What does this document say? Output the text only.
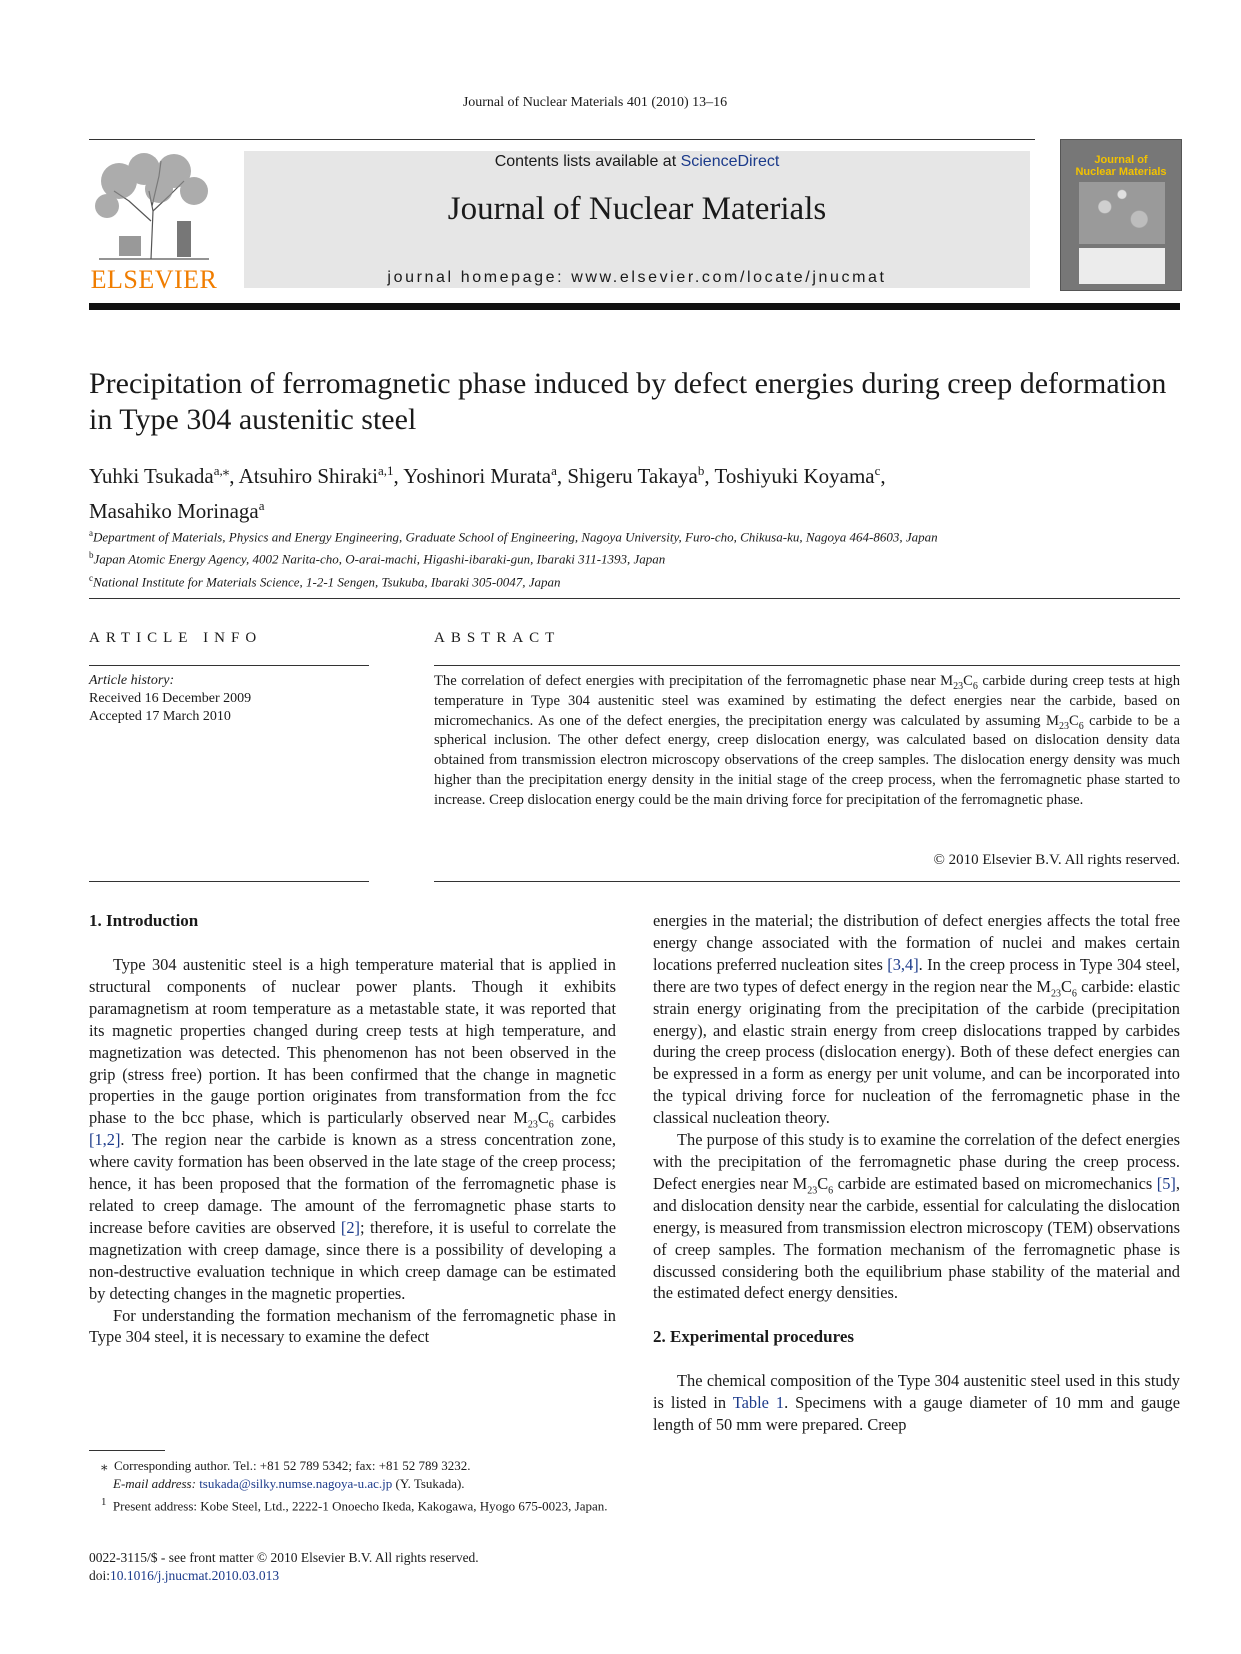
Journal of Nuclear Materials 401 (2010) 13–16
ELSEVIER
Contents lists available at ScienceDirect
Journal of Nuclear Materials
journal homepage: www.elsevier.com/locate/jnucmat
Journal of
Nuclear Materials
Precipitation of ferromagnetic phase induced by defect energies during creep deformation in Type 304 austenitic steel
Yuhki Tsukada$^{a,⁎}$, Atsuhiro Shiraki$^{a,1}$, Yoshinori Murata$^a$, Shigeru Takaya$^b$, Toshiyuki Koyama$^c$,
Masahiko Morinaga$^a$
$^a$Department of Materials, Physics and Energy Engineering, Graduate School of Engineering, Nagoya University, Furo-cho, Chikusa-ku, Nagoya 464-8603, Japan
$^b$Japan Atomic Energy Agency, 4002 Narita-cho, O-arai-machi, Higashi-ibaraki-gun, Ibaraki 311-1393, Japan
$^c$National Institute for Materials Science, 1-2-1 Sengen, Tsukuba, Ibaraki 305-0047, Japan
ARTICLE INFO	ABSTRACT
Article history:
Received 16 December 2009
Accepted 17 March 2010
The correlation of defect energies with precipitation of the ferromagnetic phase near $M_{23}C_6$ carbide during creep tests at high temperature in Type 304 austenitic steel was examined by estimating the defect energies near the carbide, based on micromechanics. As one of the defect energies, the precipitation energy was calculated by assuming $M_{23}C_6$ carbide to be a spherical inclusion. The other defect energy, creep dislocation energy, was calculated based on dislocation density data obtained from transmission electron microscopy observations of the creep samples. The dislocation energy density was much higher than the precipitation energy density in the initial stage of the creep process, when the ferromagnetic phase started to increase. Creep dislocation energy could be the main driving force for precipitation of the ferromagnetic phase.
© 2010 Elsevier B.V. All rights reserved.
1. Introduction

Type 304 austenitic steel is a high temperature material that is applied in structural components of nuclear power plants. Though it exhibits paramagnetism at room temperature as a metastable state, it was reported that its magnetic properties changed during creep tests at high temperature, and magnetization was detected. This phenomenon has not been observed in the grip (stress free) portion. It has been confirmed that the change in magnetic properties in the gauge portion originates from transformation from the fcc phase to the bcc phase, which is particularly observed near $M_{23}C_6$ carbides [1,2]. The region near the carbide is known as a stress concentration zone, where cavity formation has been observed in the late stage of the creep process; hence, it has been proposed that the formation of the ferromagnetic phase is related to creep damage. The amount of the ferromagnetic phase starts to increase before cavities are observed [2]; therefore, it is useful to correlate the magnetization with creep damage, since there is a possibility of developing a non-destructive evaluation technique in which creep damage can be estimated by detecting changes in the magnetic properties.

For understanding the formation mechanism of the ferromagnetic phase in Type 304 steel, it is necessary to examine the defect

energies in the material; the distribution of defect energies affects the total free energy change associated with the formation of nuclei and makes certain locations preferred nucleation sites [3,4]. In the creep process in Type 304 steel, there are two types of defect energy in the region near the $M_{23}C_6$ carbide: elastic strain energy originating from the precipitation of the carbide (precipitation energy), and elastic strain energy from creep dislocations trapped by carbides during the creep process (dislocation energy). Both of these defect energies can be expressed in a form as energy per unit volume, and can be incorporated into the typical driving force for nucleation of the ferromagnetic phase in the classical nucleation theory.

The purpose of this study is to examine the correlation of the defect energies with the precipitation of the ferromagnetic phase during the creep process. Defect energies near $M_{23}C_6$ carbide are estimated based on micromechanics [5], and dislocation density near the carbide, essential for calculating the dislocation energy, is measured from transmission electron microscopy (TEM) observations of creep samples. The formation mechanism of the ferromagnetic phase is discussed considering both the equilibrium phase stability of the material and the estimated defect energy densities.

2. Experimental procedures

The chemical composition of the Type 304 austenitic steel used in this study is listed in Table 1. Specimens with a gauge diameter of 10 mm and gauge length of 50 mm were prepared. Creep

⁎ Corresponding author. Tel.: +81 52 789 5342; fax: +81 52 789 3232.
E-mail address: tsukada@silky.numse.nagoya-u.ac.jp (Y. Tsukada).

$^1$ Present address: Kobe Steel, Ltd., 2222-1 Onoecho Ikeda, Kakogawa, Hyogo 675-0023, Japan.

0022-3115/$ - see front matter © 2010 Elsevier B.V. All rights reserved.
doi:10.1016/j.jnucmat.2010.03.013
